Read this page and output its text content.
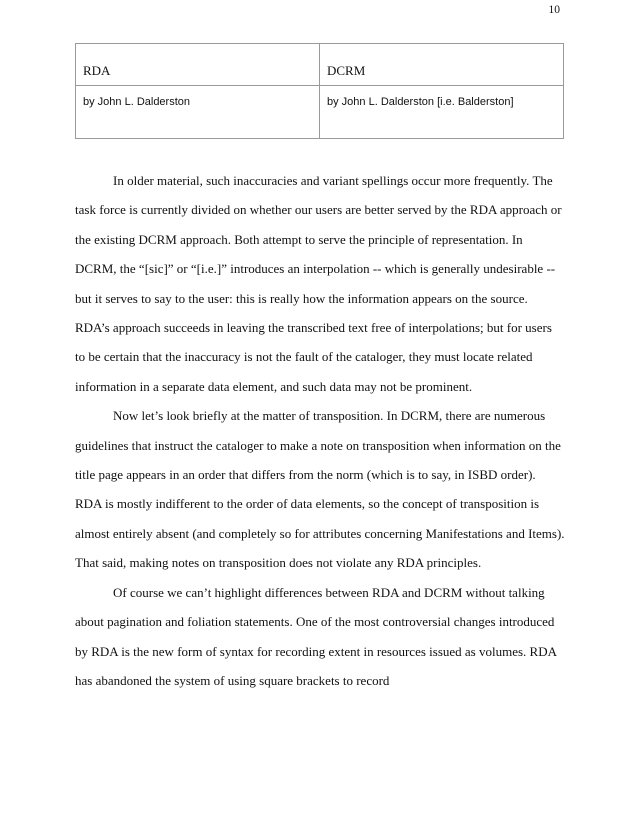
10
RDA	DCRM
by John L. Dalderston	by John L. Dalderston [i.e. Balderston]

In older material, such inaccuracies and variant spellings occur more frequently. The task force is currently divided on whether our users are better served by the RDA approach or the existing DCRM approach. Both attempt to serve the principle of representation. In DCRM, the “[sic]” or “[i.e.]” introduces an interpolation -- which is generally undesirable -- but it serves to say to the user: this is really how the information appears on the source. RDA’s approach succeeds in leaving the transcribed text free of interpolations; but for users to be certain that the inaccuracy is not the fault of the cataloger, they must locate related information in a separate data element, and such data may not be prominent.

Now let’s look briefly at the matter of transposition. In DCRM, there are numerous guidelines that instruct the cataloger to make a note on transposition when information on the title page appears in an order that differs from the norm (which is to say, in ISBD order). RDA is mostly indifferent to the order of data elements, so the concept of transposition is almost entirely absent (and completely so for attributes concerning Manifestations and Items). That said, making notes on transposition does not violate any RDA principles.

Of course we can’t highlight differences between RDA and DCRM without talking about pagination and foliation statements. One of the most controversial changes introduced by RDA is the new form of syntax for recording extent in resources issued as volumes. RDA has abandoned the system of using square brackets to record
